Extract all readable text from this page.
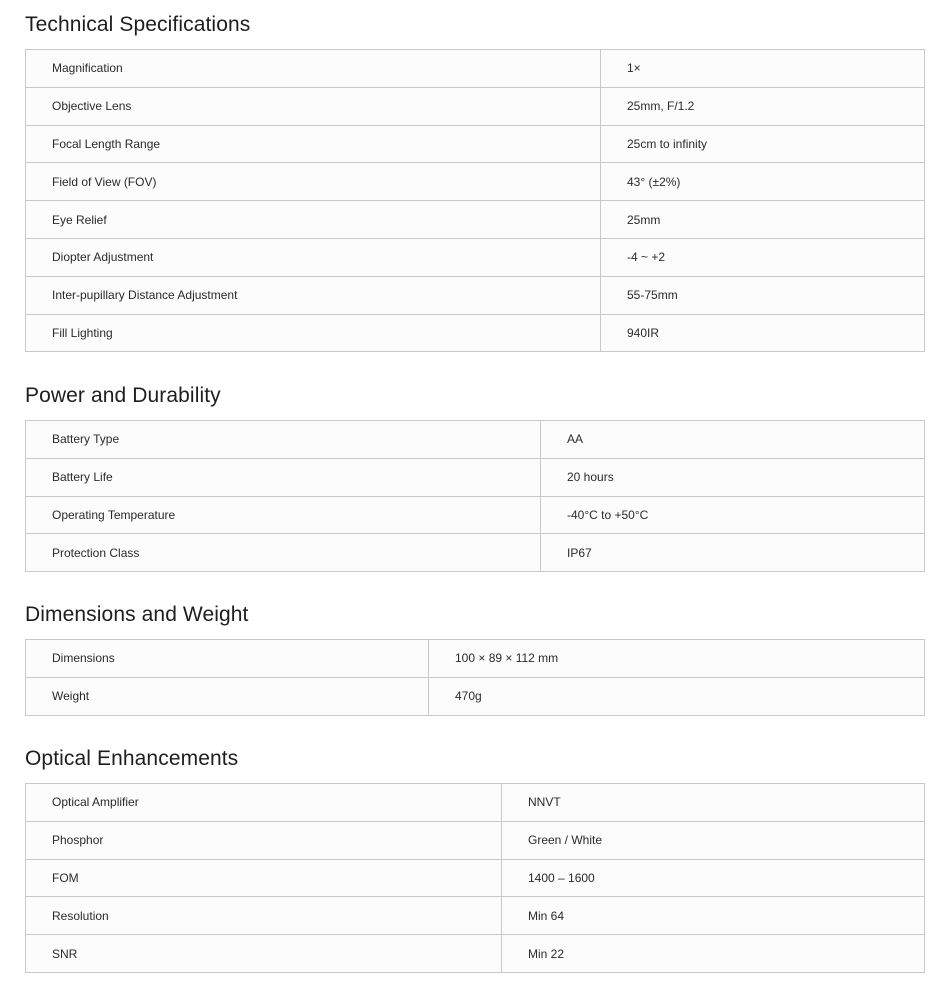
Technical Specifications
Magnification	1×
Objective Lens	25mm, F/1.2
Focal Length Range	25cm to infinity
Field of View (FOV)	43° (±2%)
Eye Relief	25mm
Diopter Adjustment	-4 ~ +2
Inter-pupillary Distance Adjustment	55-75mm
Fill Lighting	940IR
Power and Durability
Battery Type	AA
Battery Life	20 hours
Operating Temperature	-40°C to +50°C
Protection Class	IP67
Dimensions and Weight
Dimensions	100 × 89 × 112 mm
Weight	470g
Optical Enhancements
Optical Amplifier	NNVT
Phosphor	Green / White
FOM	1400 – 1600
Resolution	Min 64
SNR	Min 22
